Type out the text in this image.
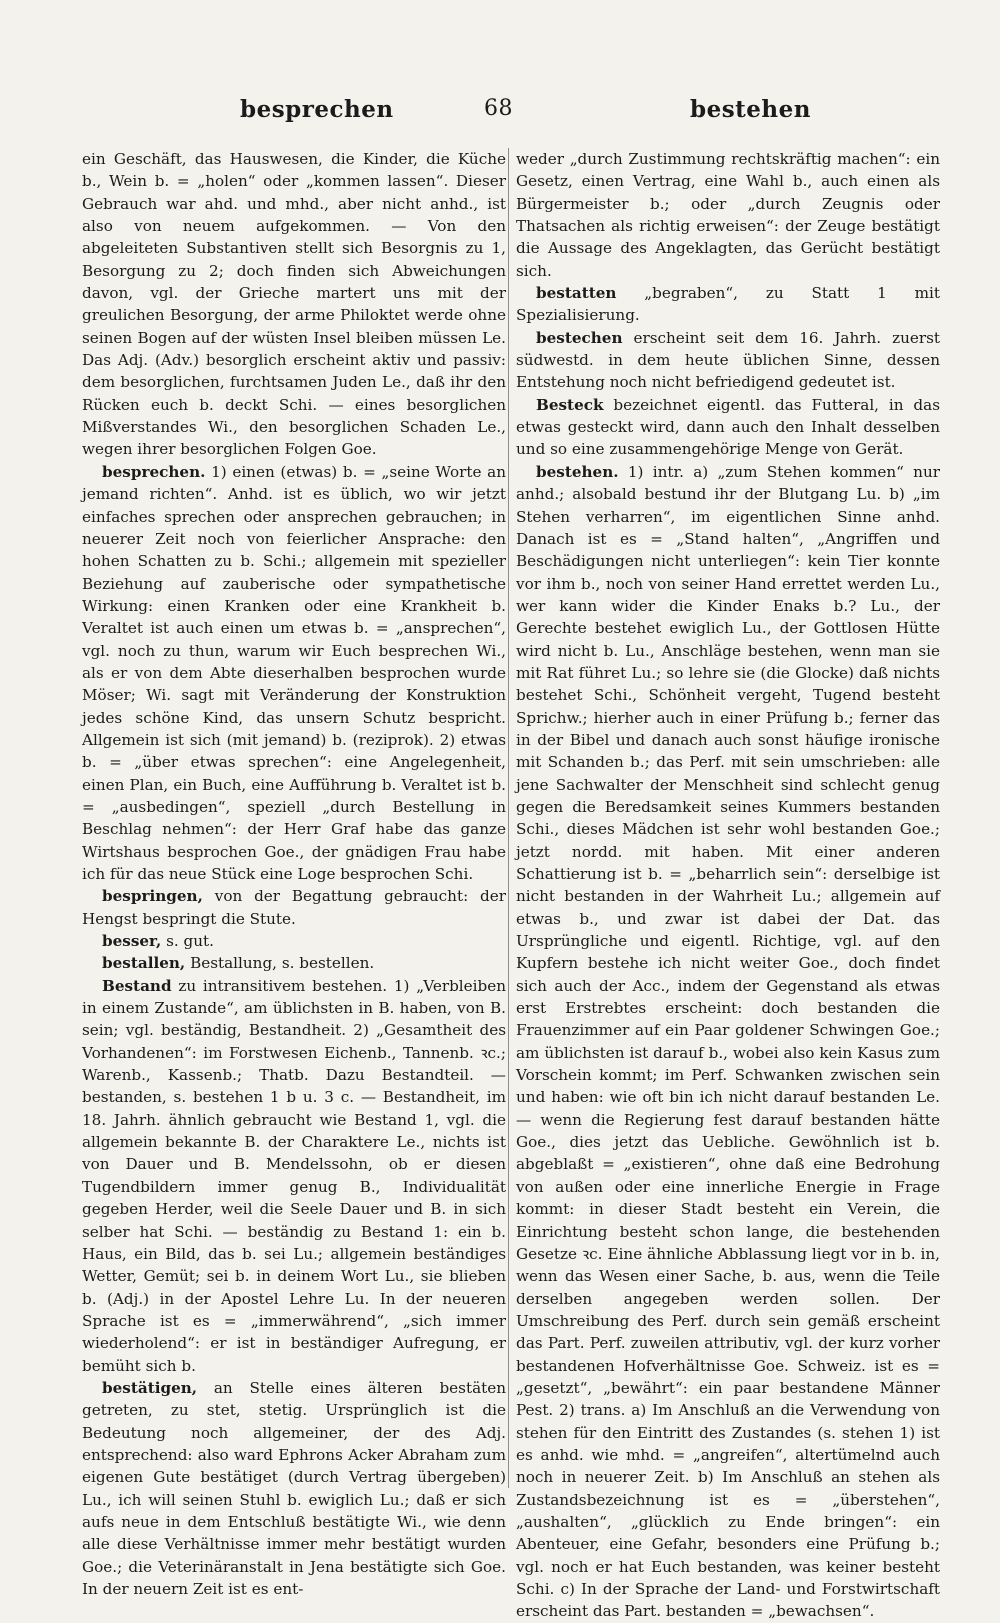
besprechen	68	bestehen

ein Geschäft, das Hauswesen, die Kinder, die Küche b., Wein b. = „holen“ oder „kommen lassen“. Dieser Gebrauch war ahd. und mhd., aber nicht anhd., ist also von neuem aufgekommen. — Von den abgeleiteten Substantiven stellt sich Besorgnis zu 1, Besorgung zu 2; doch finden sich Abweichungen davon, vgl. der Grieche martert uns mit der greulichen Besorgung, der arme Philoktet werde ohne seinen Bogen auf der wüsten Insel bleiben müssen Le. Das Adj. (Adv.) besorglich erscheint aktiv und passiv: dem besorglichen, furchtsamen Juden Le., daß ihr den Rücken euch b. deckt Schi. — eines besorglichen Mißverstandes Wi., den besorglichen Schaden Le., wegen ihrer besorglichen Folgen Goe.

besprechen. 1) einen (etwas) b. = „seine Worte an jemand richten“. Anhd. ist es üblich, wo wir jetzt einfaches sprechen oder ansprechen gebrauchen; in neuerer Zeit noch von feierlicher Ansprache: den hohen Schatten zu b. Schi.; allgemein mit spezieller Beziehung auf zauberische oder sympathetische Wirkung: einen Kranken oder eine Krankheit b. Veraltet ist auch einen um etwas b. = „ansprechen“, vgl. noch zu thun, warum wir Euch besprechen Wi., als er von dem Abte dieserhalben besprochen wurde Möser; Wi. sagt mit Veränderung der Konstruktion jedes schöne Kind, das unsern Schutz bespricht. Allgemein ist sich (mit jemand) b. (reziprok). 2) etwas b. = „über etwas sprechen“: eine Angelegenheit, einen Plan, ein Buch, eine Aufführung b. Veraltet ist b. = „ausbedingen“, speziell „durch Bestellung in Beschlag nehmen“: der Herr Graf habe das ganze Wirtshaus besprochen Goe., der gnädigen Frau habe ich für das neue Stück eine Loge besprochen Schi.

bespringen, von der Begattung gebraucht: der Hengst bespringt die Stute.

besser, s. gut.

bestallen, Bestallung, s. bestellen.

Bestand zu intransitivem bestehen. 1) „Verbleiben in einem Zustande“, am üblichsten in B. haben, von B. sein; vgl. beständig, Bestandheit. 2) „Gesamtheit des Vorhandenen“: im Forstwesen Eichenb., Tannenb. ꝛc.; Warenb., Kassenb.; Thatb. Dazu Bestandteil. — bestanden, s. bestehen 1 b u. 3 c. — Bestandheit, im 18. Jahrh. ähnlich gebraucht wie Bestand 1, vgl. die allgemein bekannte B. der Charaktere Le., nichts ist von Dauer und B. Mendelssohn, ob er diesen Tugendbildern immer genug B., Individualität gegeben Herder, weil die Seele Dauer und B. in sich selber hat Schi. — beständig zu Bestand 1: ein b. Haus, ein Bild, das b. sei Lu.; allgemein beständiges Wetter, Gemüt; sei b. in deinem Wort Lu., sie blieben b. (Adj.) in der Apostel Lehre Lu. In der neueren Sprache ist es = „immerwährend“, „sich immer wiederholend“: er ist in beständiger Aufregung, er bemüht sich b.

bestätigen, an Stelle eines älteren bestäten getreten, zu stet, stetig. Ursprünglich ist die Bedeutung noch allgemeiner, der des Adj. entsprechend: also ward Ephrons Acker Abraham zum eigenen Gute bestätiget (durch Vertrag übergeben) Lu., ich will seinen Stuhl b. ewiglich Lu.; daß er sich aufs neue in dem Entschluß bestätigte Wi., wie denn alle diese Verhältnisse immer mehr bestätigt wurden Goe.; die Veterinäranstalt in Jena bestätigte sich Goe. In der neuern Zeit ist es ent-

weder „durch Zustimmung rechtskräftig machen“: ein Gesetz, einen Vertrag, eine Wahl b., auch einen als Bürgermeister b.; oder „durch Zeugnis oder Thatsachen als richtig erweisen“: der Zeuge bestätigt die Aussage des Angeklagten, das Gerücht bestätigt sich.

bestatten „begraben“, zu Statt 1 mit Spezialisierung.

bestechen erscheint seit dem 16. Jahrh. zuerst südwestd. in dem heute üblichen Sinne, dessen Entstehung noch nicht befriedigend gedeutet ist.

Besteck bezeichnet eigentl. das Futteral, in das etwas gesteckt wird, dann auch den Inhalt desselben und so eine zusammengehörige Menge von Gerät.

bestehen. 1) intr. a) „zum Stehen kommen“ nur anhd.; alsobald bestund ihr der Blutgang Lu. b) „im Stehen verharren“, im eigentlichen Sinne anhd. Danach ist es = „Stand halten“, „Angriffen und Beschädigungen nicht unterliegen“: kein Tier konnte vor ihm b., noch von seiner Hand errettet werden Lu., wer kann wider die Kinder Enaks b.? Lu., der Gerechte bestehet ewiglich Lu., der Gottlosen Hütte wird nicht b. Lu., Anschläge bestehen, wenn man sie mit Rat führet Lu.; so lehre sie (die Glocke) daß nichts bestehet Schi., Schönheit vergeht, Tugend besteht Sprichw.; hierher auch in einer Prüfung b.; ferner das in der Bibel und danach auch sonst häufige ironische mit Schanden b.; das Perf. mit sein umschrieben: alle jene Sachwalter der Menschheit sind schlecht genug gegen die Beredsamkeit seines Kummers bestanden Schi., dieses Mädchen ist sehr wohl bestanden Goe.; jetzt nordd. mit haben. Mit einer anderen Schattierung ist b. = „beharrlich sein“: derselbige ist nicht bestanden in der Wahrheit Lu.; allgemein auf etwas b., und zwar ist dabei der Dat. das Ursprüngliche und eigentl. Richtige, vgl. auf den Kupfern bestehe ich nicht weiter Goe., doch findet sich auch der Acc., indem der Gegenstand als etwas erst Erstrebtes erscheint: doch bestanden die Frauenzimmer auf ein Paar goldener Schwingen Goe.; am üblichsten ist darauf b., wobei also kein Kasus zum Vorschein kommt; im Perf. Schwanken zwischen sein und haben: wie oft bin ich nicht darauf bestanden Le. — wenn die Regierung fest darauf bestanden hätte Goe., dies jetzt das Uebliche. Gewöhnlich ist b. abgeblaßt = „existieren“, ohne daß eine Bedrohung von außen oder eine innerliche Energie in Frage kommt: in dieser Stadt besteht ein Verein, die Einrichtung besteht schon lange, die bestehenden Gesetze ꝛc. Eine ähnliche Abblassung liegt vor in b. in, wenn das Wesen einer Sache, b. aus, wenn die Teile derselben angegeben werden sollen. Der Umschreibung des Perf. durch sein gemäß erscheint das Part. Perf. zuweilen attributiv, vgl. der kurz vorher bestandenen Hofverhältnisse Goe. Schweiz. ist es = „gesetzt“, „bewährt“: ein paar bestandene Männer Pest. 2) trans. a) Im Anschluß an die Verwendung von stehen für den Eintritt des Zustandes (s. stehen 1) ist es anhd. wie mhd. = „angreifen“, altertümelnd auch noch in neuerer Zeit. b) Im Anschluß an stehen als Zustandsbezeichnung ist es = „überstehen“, „aushalten“, „glücklich zu Ende bringen“: ein Abenteuer, eine Gefahr, besonders eine Prüfung b.; vgl. noch er hat Euch bestanden, was keiner besteht Schi. c) In der Sprache der Land- und Forstwirtschaft erscheint das Part. bestanden = „bewachsen“.
